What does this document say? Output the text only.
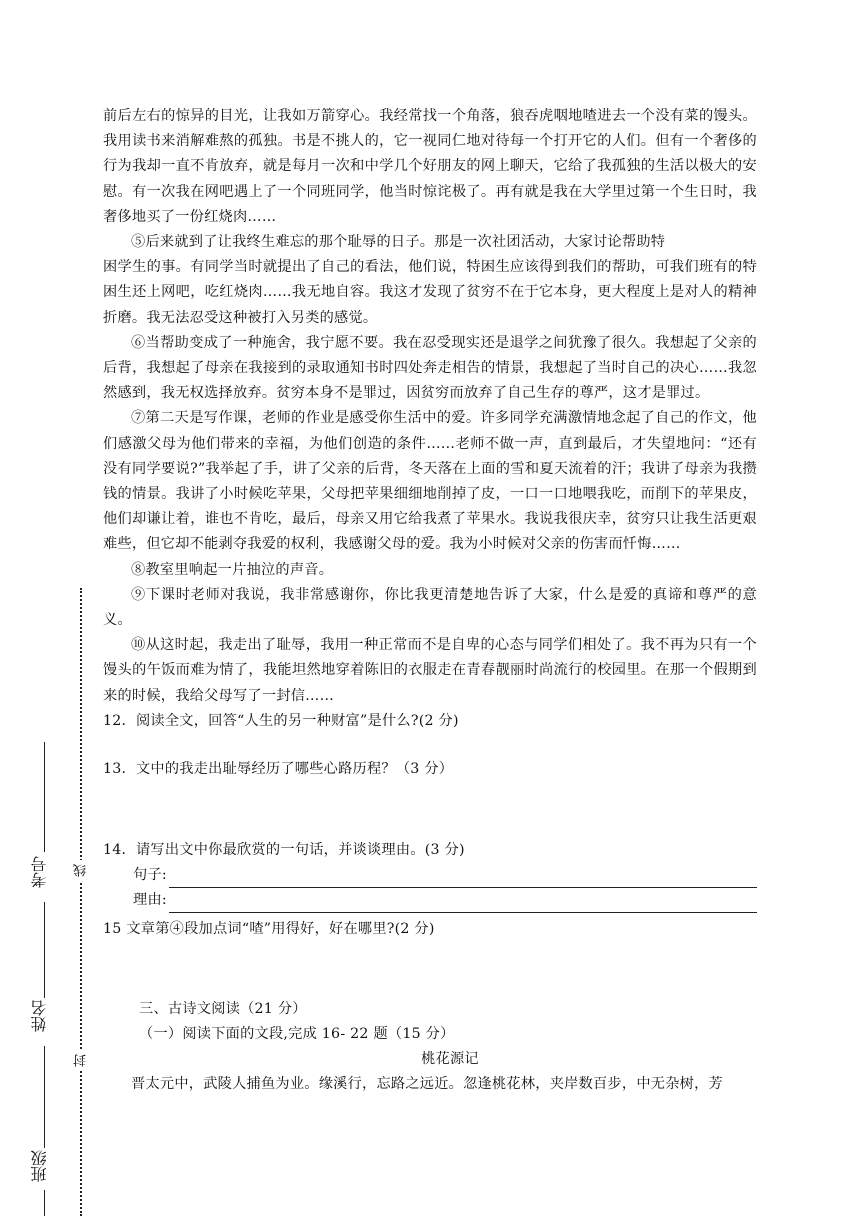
前后左右的惊异的目光，让我如万箭穿心。我经常找一个角落，狼吞虎咽地喳进去一个没有菜的馒头。我用读书来消解难熬的孤独。书是不挑人的，它一视同仁地对待每一个打开它的人们。但有一个奢侈的行为我却一直不肯放弃，就是每月一次和中学几个好朋友的网上聊天，它给了我孤独的生活以极大的安慰。有一次我在网吧遇上了一个同班同学，他当时惊诧极了。再有就是我在大学里过第一个生日时，我奢侈地买了一份红烧肉……

⑤后来就到了让我终生难忘的那个耻辱的日子。那是一次社团活动，大家讨论帮助特

困学生的事。有同学当时就提出了自己的看法，他们说，特困生应该得到我们的帮助，可我们班有的特困生还上网吧，吃红烧肉……我无地自容。我这才发现了贫穷不在于它本身，更大程度上是对人的精神折磨。我无法忍受这种被打入另类的感觉。

⑥当帮助变成了一种施舍，我宁愿不要。我在忍受现实还是退学之间犹豫了很久。我想起了父亲的后背，我想起了母亲在我接到的录取通知书时四处奔走相告的情景，我想起了当时自己的决心……我忽然感到，我无权选择放弃。贫穷本身不是罪过，因贫穷而放弃了自己生存的尊严，这才是罪过。

⑦第二天是写作课，老师的作业是感受你生活中的爱。许多同学充满激情地念起了自己的作文，他们感激父母为他们带来的幸福，为他们创造的条件……老师不做一声，直到最后，才失望地问：“还有没有同学要说?”我举起了手，讲了父亲的后背，冬天落在上面的雪和夏天流着的汗；我讲了母亲为我攒钱的情景。我讲了小时候吃苹果，父母把苹果细细地削掉了皮，一口一口地喂我吃，而削下的苹果皮，他们却谦让着，谁也不肯吃，最后，母亲又用它给我煮了苹果水。我说我很庆幸，贫穷只让我生活更艰难些，但它却不能剥夺我爱的权利，我感谢父母的爱。我为小时候对父亲的伤害而忏悔……

⑧教室里响起一片抽泣的声音。

⑨下课时老师对我说，我非常感谢你，你比我更清楚地告诉了大家，什么是爱的真谛和尊严的意义。

⑩从这时起，我走出了耻辱，我用一种正常而不是自卑的心态与同学们相处了。我不再为只有一个馒头的午饭而难为情了，我能坦然地穿着陈旧的衣服走在青春靓丽时尚流行的校园里。在那一个假期到来的时候，我给父母写了一封信……

12．阅读全文，回答“人生的另一种财富”是什么?(2 分)

13．文中的我走出耻辱经历了哪些心路历程？（3 分）

14．请写出文中你最欣赏的一句话，并谈谈理由。(3 分)

句子:
理由:

15 文章第④段加点词“喳”用得好，好在哪里?(2 分)

三、古诗文阅读（21 分）

（一）阅读下面的文段,完成 16- 22 题（15 分）

桃花源记

晋太元中，武陵人捕鱼为业。缘溪行，忘路之远近。忽逢桃花林，夹岸数百步，中无杂树，芳

线
封
考号
姓名
班级
